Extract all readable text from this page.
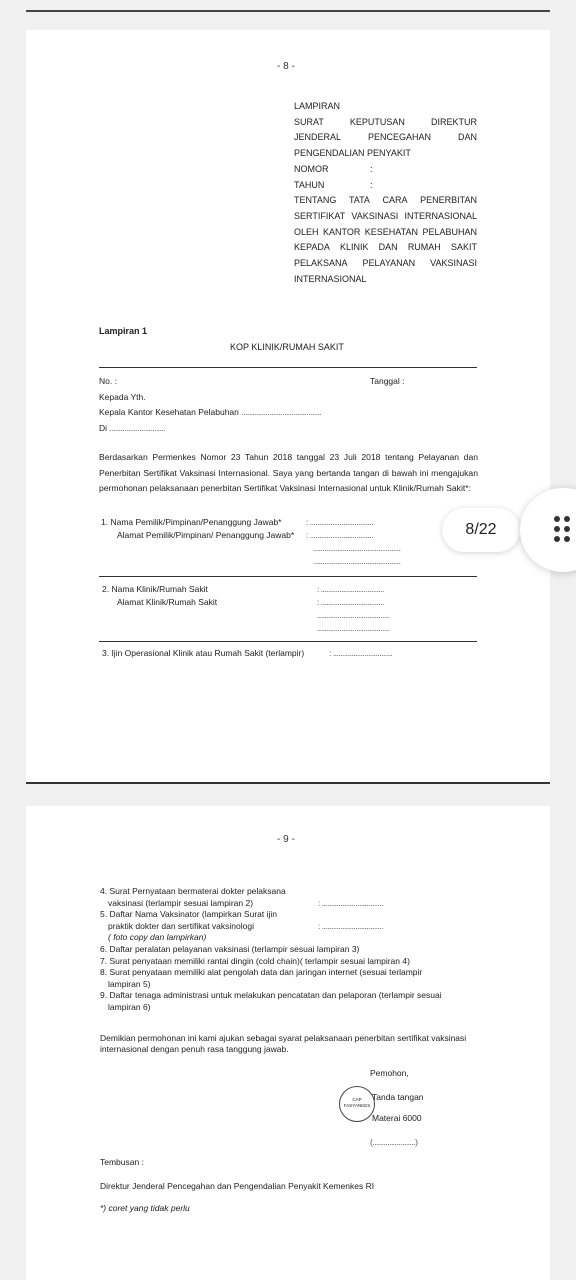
- 8 -
LAMPIRAN
SURAT	KEPUTUSAN	DIREKTUR
JENDERAL	PENCEGAHAN	DAN
PENGENDALIAN PENYAKIT
NOMOR	:
TAHUN	:
TENTANG TATA CARA PENERBITAN
SERTIFIKAT VAKSINASI INTERNASIONAL
OLEH KANTOR KESEHATAN PELABUHAN
KEPADA KLINIK DAN RUMAH SAKIT
PELAKSANA PELAYANAN VAKSINASI
INTERNASIONAL
Lampiran 1
KOP KLINIK/RUMAH SAKIT
No. :	Tanggal :
Kepada Yth.
Kepala Kantor Kesehatan Pelabuhan ...........................................
Di ..............................
Berdasarkan Permenkes Nomor 23 Tahun 2018 tanggal 23 Juli 2018 tentang Pelayanan dan Penerbitan Sertifikat Vaksinasi Internasional. Saya yang bertanda tangan di bawah ini mengajukan permohonan pelaksanaan penerbitan Sertifikat Vaksinasi Internasional untuk Klinik/Rumah Sakit*:
1. Nama Pemilik/Pimpinan/Penanggung Jawab*	: ..................................
Alamat Pemilik/Pimpinan/ Penanggung Jawab* : ..................................
...............................................
...............................................
2. Nama Klinik/Rumah Sakit	: ..................................
Alamat Klinik/Rumah Sakit	: ..................................
.......................................
.......................................
3. Ijin Operasional Klinik atau Rumah Sakit (terlampir)	: ................................
- 9 -
4. Surat Pernyataan bermaterai dokter pelaksana
vaksinasi (terlampir sesuai lampiran 2)	: .................................
5. Daftar Nama Vaksinator (lampirkan Surat ijin
praktik dokter dan sertifikat vaksinologi	: .................................
( foto copy dan lampirkan)
6. Daftar peralatan pelayanan vaksinasi (terlampir sesuai lampiran 3)
7. Surat penyataan memiliki rantai dingin (cold chain)( terlampir sesuai lampiran 4)
8. Surat penyataan memiliki alat pengolah data dan jaringan internet (sesuai terlampir
lampiran 5)
9. Daftar tenaga administrasi untuk melakukan pencatatan dan pelaporan (terlampir sesuai
lampiran 6)
Demikian permohonan ini kami ajukan sebagai syarat pelaksanaan penerbitan sertifikat vaksinasi internasional dengan penuh rasa tanggung jawab.
Pemohon,
CAP
FASYANKES
Tanda tangan
Materai 6000
(.......................)
Tembusan :
Direktur Jenderal Pencegahan dan Pengendalian Penyakit Kemenkes RI
*) coret yang tidak perlu
8/22
